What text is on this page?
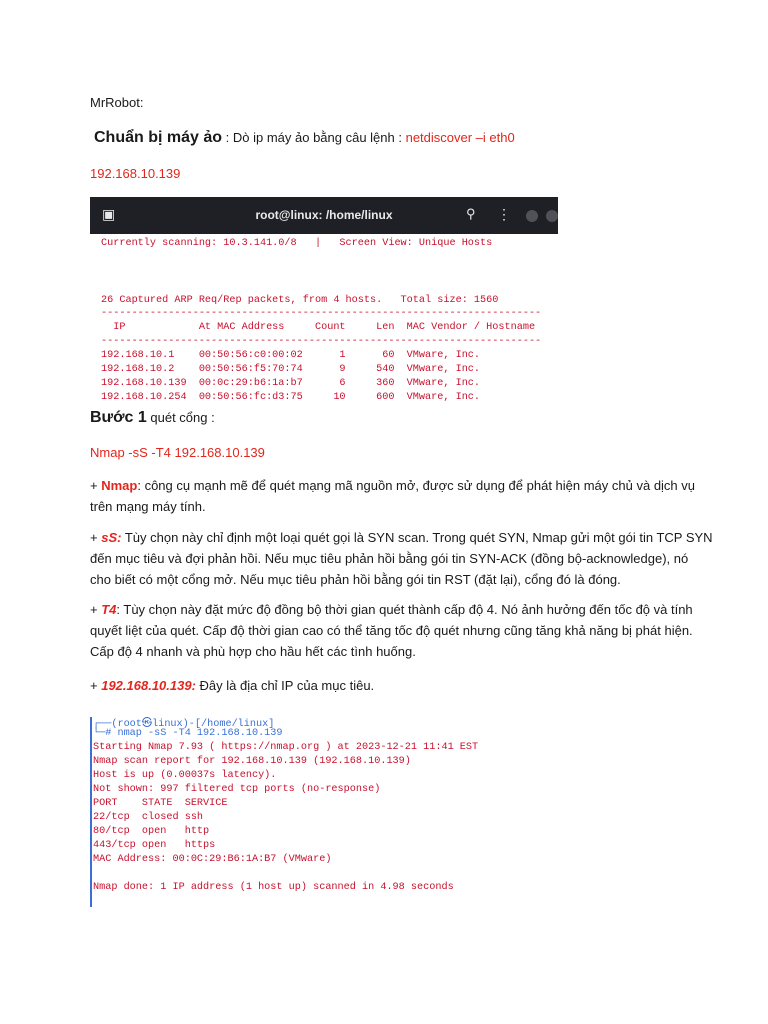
MrRobot:
Chuẩn bị máy ảo : Dò ip máy ảo bằng câu lệnh : netdiscover –i eth0
192.168.10.139
▣	root@linux: /home/linux	⚲ ⋮
Currently scanning: 10.3.141.0/8   |   Screen View: Unique Hosts
26 Captured ARP Req/Rep packets, from 4 hosts.   Total size: 1560
------------------------------------------------------------------------
IP            At MAC Address     Count     Len  MAC Vendor / Hostname
------------------------------------------------------------------------
192.168.10.1    00:50:56:c0:00:02      1      60  VMware, Inc.
192.168.10.2    00:50:56:f5:70:74      9     540  VMware, Inc.
192.168.10.139  00:0c:29:b6:1a:b7      6     360  VMware, Inc.
192.168.10.254  00:50:56:fc:d3:75     10     600  VMware, Inc.
Bước 1 quét cổng :
Nmap -sS -T4 192.168.10.139
+ Nmap: công cụ mạnh mẽ để quét mạng mã nguồn mở, được sử dụng để phát hiện máy chủ và dịch vụ
trên mạng máy tính.
+ sS: Tùy chọn này chỉ định một loại quét gọi là SYN scan. Trong quét SYN, Nmap gửi một gói tin TCP SYN
đến mục tiêu và đợi phản hồi. Nếu mục tiêu phản hồi bằng gói tin SYN-ACK (đồng bộ-acknowledge), nó
cho biết có một cổng mở. Nếu mục tiêu phản hồi bằng gói tin RST (đặt lại), cổng đó là đóng.
+ T4: Tùy chọn này đặt mức độ đồng bộ thời gian quét thành cấp độ 4. Nó ảnh hưởng đến tốc độ và tính
quyết liệt của quét. Cấp độ thời gian cao có thể tăng tốc độ quét nhưng cũng tăng khả năng bị phát hiện.
Cấp độ 4 nhanh và phù hợp cho hầu hết các tình huống.
+ 192.168.10.139: Đây là địa chỉ IP của mục tiêu.
┌──(root㉿linux)-[/home/linux]
└─# nmap -sS -T4 192.168.10.139
Starting Nmap 7.93 ( https://nmap.org ) at 2023-12-21 11:41 EST
Nmap scan report for 192.168.10.139 (192.168.10.139)
Host is up (0.00037s latency).
Not shown: 997 filtered tcp ports (no-response)
PORT    STATE  SERVICE
22/tcp  closed ssh
80/tcp  open   http
443/tcp open   https
MAC Address: 00:0C:29:B6:1A:B7 (VMware)
Nmap done: 1 IP address (1 host up) scanned in 4.98 seconds
